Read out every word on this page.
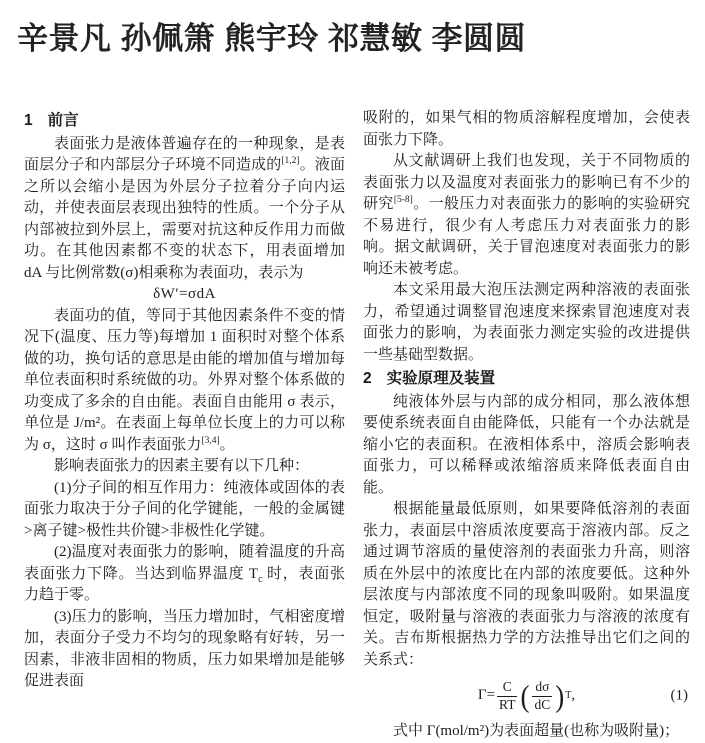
辛景凡 孙佩箫 熊宇玲 祁慧敏 李圆圆
1 前言

表面张力是液体普遍存在的一种现象，是表面层分子和内部层分子环境不同造成的[1,2]。液面之所以会缩小是因为外层分子拉着分子向内运动，并使表面层表现出独特的性质。一个分子从内部被拉到外层上，需要对抗这种反作用力而做功。在其他因素都不变的状态下，用表面增加 dA 与比例常数(σ)相乘称为表面功，表示为

δW′=σdA

表面功的值，等同于其他因素条件不变的情况下(温度、压力等)每增加 1 面积时对整个体系做的功，换句话的意思是由能的增加值与增加每单位表面积时系统做的功。外界对整个体系做的功变成了多余的自由能。表面自由能用 σ 表示，单位是 J/m²。在表面上每单位长度上的力可以称为 σ，这时 σ 叫作表面张力[3,4]。

影响表面张力的因素主要有以下几种：

(1)分子间的相互作用力：纯液体或固体的表面张力取决于分子间的化学键能，一般的金属键>离子键>极性共价键>非极性化学键。

(2)温度对表面张力的影响，随着温度的升高表面张力下降。当达到临界温度 $T_c$ 时，表面张力趋于零。

(3)压力的影响，当压力增加时，气相密度增加，表面分子受力不均匀的现象略有好转，另一因素，非液非固相的物质，压力如果增加是能够促进表面

吸附的，如果气相的物质溶解程度增加，会使表面张力下降。

从文献调研上我们也发现，关于不同物质的表面张力以及温度对表面张力的影响已有不少的研究[5-8]。一般压力对表面张力的影响的实验研究不易进行，很少有人考虑压力对表面张力的影响。据文献调研，关于冒泡速度对表面张力的影响还未被考虑。

本文采用最大泡压法测定两种溶液的表面张力，希望通过调整冒泡速度来探索冒泡速度对表面张力的影响，为表面张力测定实验的改进提供一些基础型数据。

2 实验原理及装置

纯液体外层与内部的成分相同，那么液体想要使系统表面自由能降低，只能有一个办法就是缩小它的表面积。在液相体系中，溶质会影响表面张力，可以稀释或浓缩溶质来降低表面自由能。

根据能量最低原则，如果要降低溶剂的表面张力，表面层中溶质浓度要高于溶液内部。反之通过调节溶质的量使溶剂的表面张力升高，则溶质在外层中的浓度比在内部的浓度要低。这种外层浓度与内部浓度不同的现象叫吸附。如果温度恒定，吸附量与溶液的表面张力与溶液的浓度有关。吉布斯根据热力学的方法推导出它们之间的关系式：

$\Gamma= \frac{C}{RT}$ ( $\frac{d\sigma}{dC}$ ) T ,	(1)

式中 Γ(mol/m²)为表面超量(也称为吸附量)；
